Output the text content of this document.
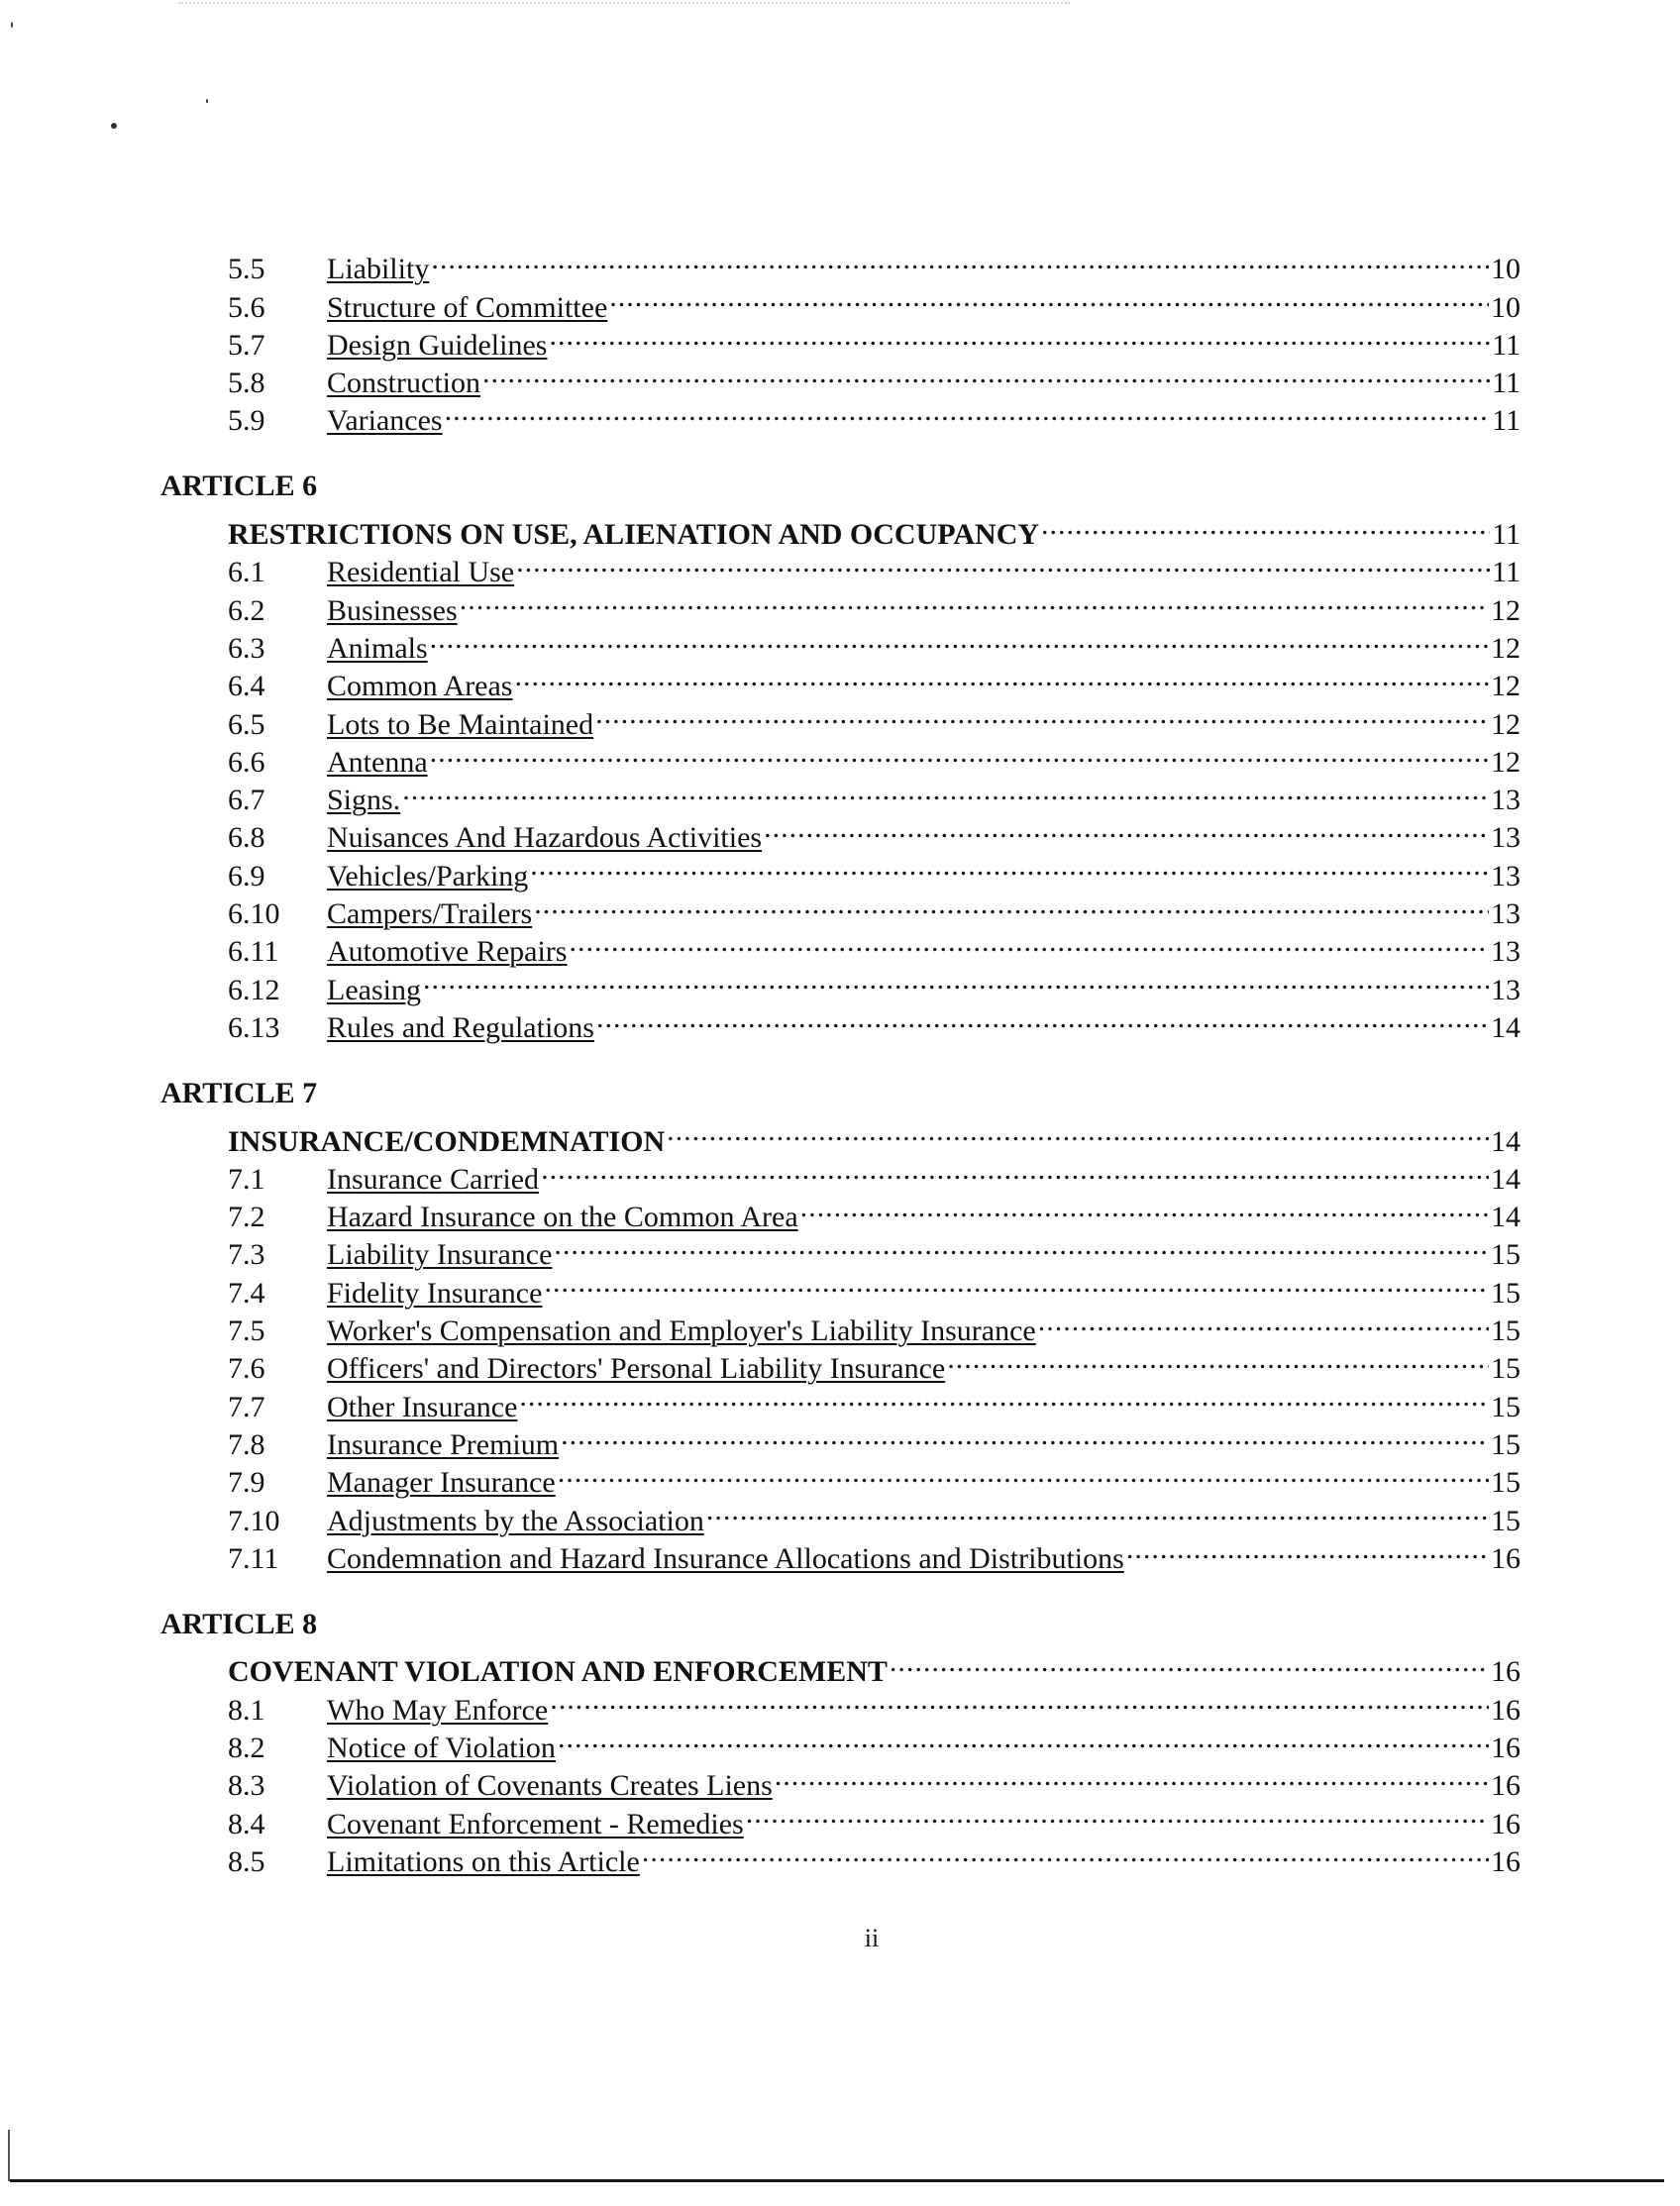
5.5	Liability .....	10
5.6	Structure of Committee .....	10
5.7	Design Guidelines .....	11
5.8	Construction .....	11
5.9	Variances .....	11
ARTICLE 6
RESTRICTIONS ON USE, ALIENATION AND OCCUPANCY .....	11
6.1	Residential Use .....	11
6.2	Businesses .....	12
6.3	Animals .....	12
6.4	Common Areas .....	12
6.5	Lots to Be Maintained .....	12
6.6	Antenna .....	12
6.7	Signs. .....	13
6.8	Nuisances And Hazardous Activities .....	13
6.9	Vehicles/Parking .....	13
6.10	Campers/Trailers .....	13
6.11	Automotive Repairs .....	13
6.12	Leasing .....	13
6.13	Rules and Regulations .....	14
ARTICLE 7
INSURANCE/CONDEMNATION .....	14
7.1	Insurance Carried .....	14
7.2	Hazard Insurance on the Common Area .....	14
7.3	Liability Insurance .....	15
7.4	Fidelity Insurance .....	15
7.5	Worker's Compensation and Employer's Liability Insurance .....	15
7.6	Officers' and Directors' Personal Liability Insurance .....	15
7.7	Other Insurance .....	15
7.8	Insurance Premium .....	15
7.9	Manager Insurance .....	15
7.10	Adjustments by the Association .....	15
7.11	Condemnation and Hazard Insurance Allocations and Distributions .....	16
ARTICLE 8
COVENANT VIOLATION AND ENFORCEMENT .....	16
8.1	Who May Enforce .....	16
8.2	Notice of Violation .....	16
8.3	Violation of Covenants Creates Liens .....	16
8.4	Covenant Enforcement - Remedies .....	16
8.5	Limitations on this Article .....	16
ii
